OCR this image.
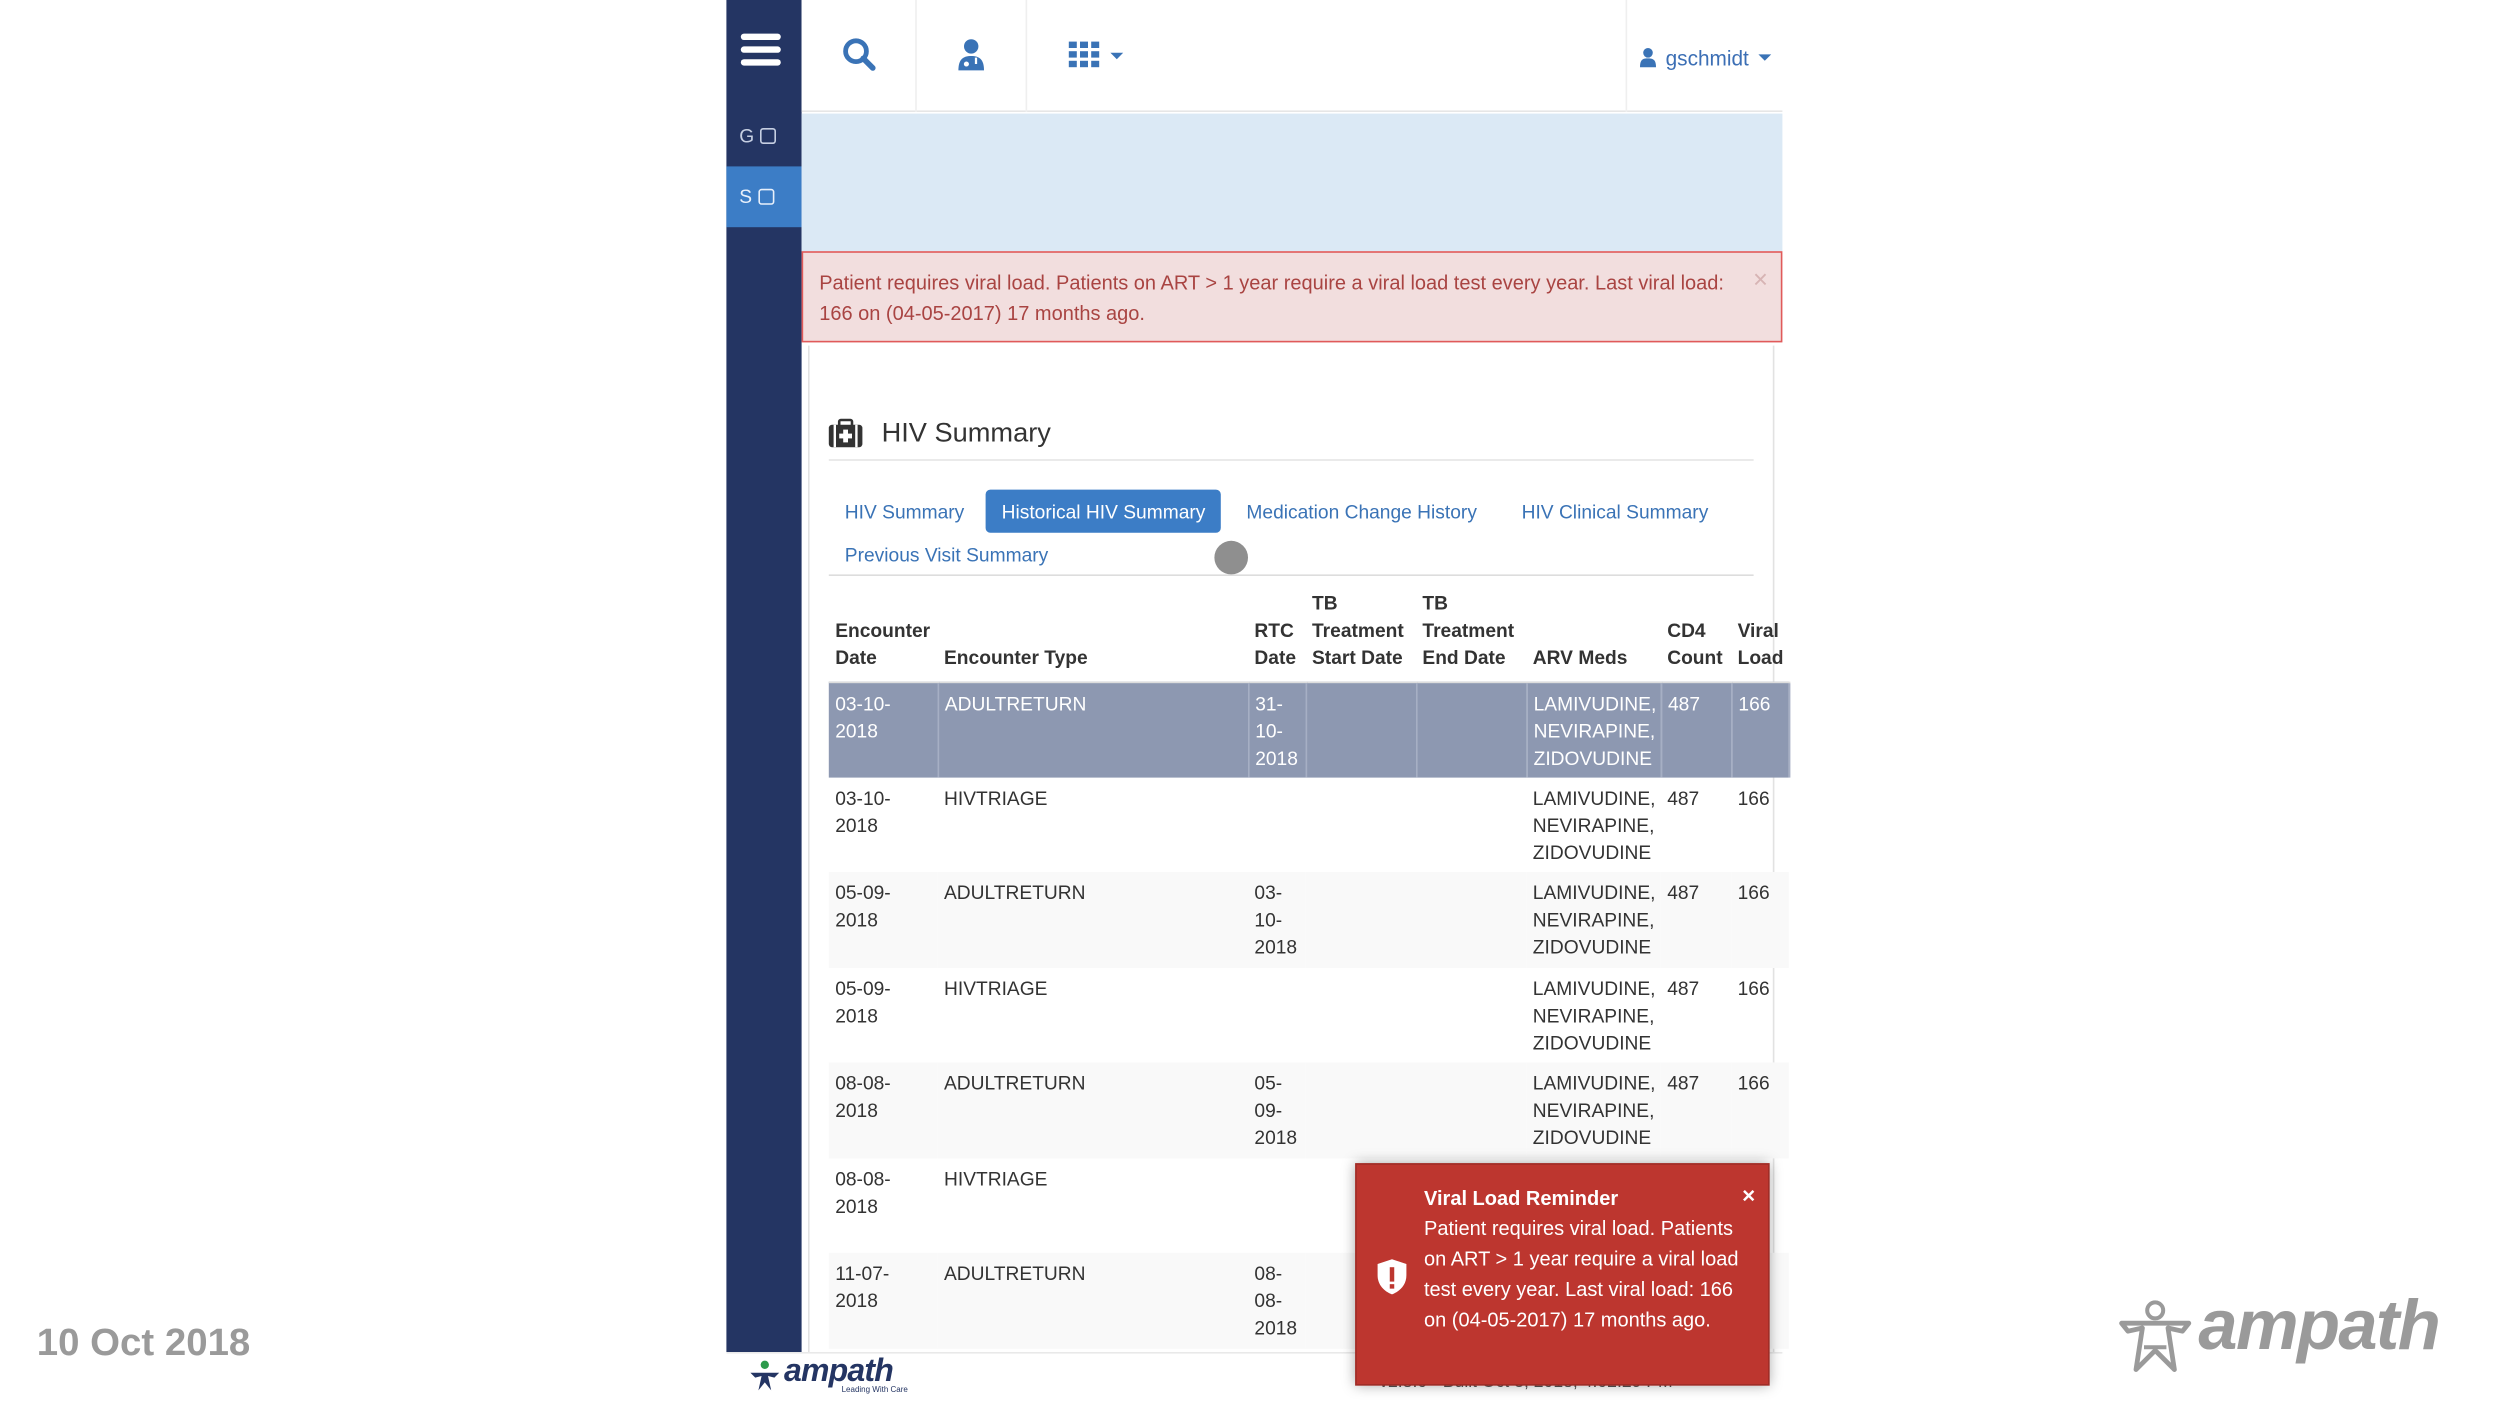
G
S
gschmidt
Patient requires viral load. Patients on ART > 1 year require a viral load test every year. Last viral load: 166 on (04-05-2017) 17 months ago.
×
HIV Summary
HIV Summary	Historical HIV Summary	Medication Change History	HIV Clinical Summary
Previous Visit Summary
Encounter Date	Encounter Type	RTC Date	TB Treatment Start Date	TB Treatment End Date	ARV Meds	CD4 Count	Viral Load
03-10-2018	ADULTRETURN	31-10-2018			LAMIVUDINE, NEVIRAPINE, ZIDOVUDINE	487	166
03-10-2018	HIVTRIAGE				LAMIVUDINE, NEVIRAPINE, ZIDOVUDINE	487	166
05-09-2018	ADULTRETURN	03-10-2018			LAMIVUDINE, NEVIRAPINE, ZIDOVUDINE	487	166
05-09-2018	HIVTRIAGE				LAMIVUDINE, NEVIRAPINE, ZIDOVUDINE	487	166
08-08-2018	ADULTRETURN	05-09-2018			LAMIVUDINE, NEVIRAPINE, ZIDOVUDINE	487	166
08-08-2018	HIVTRIAGE						
11-07-2018	ADULTRETURN	08-08-2018					
ampath
Leading With Care
Viral Load Reminder
Patient requires viral load. Patients on ART > 1 year require a viral load test every year. Last viral load: 166 on (04-05-2017) 17 months ago.
×
10 Oct 2018	ampath
